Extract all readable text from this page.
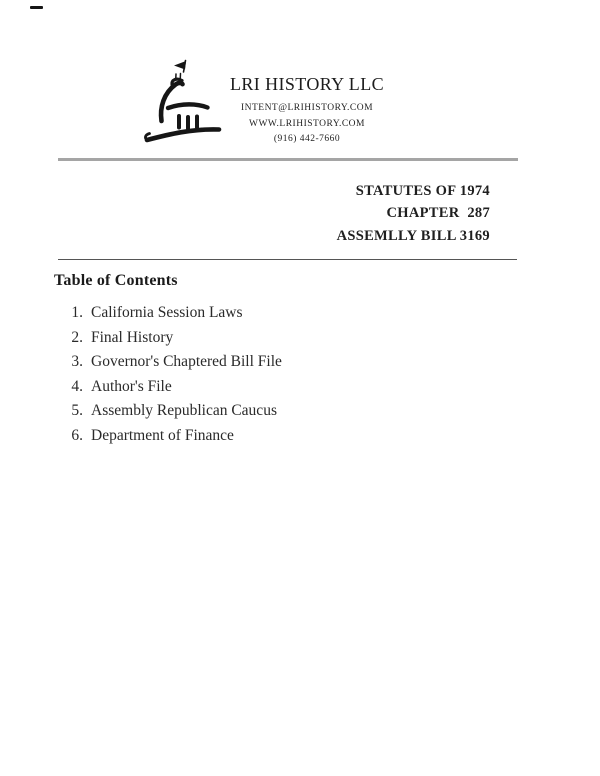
LRI HISTORY LLC
INTENT@LRIHISTORY.COM
WWW.LRIHISTORY.COM
(916) 442-7660
STATUTES OF 1974
CHAPTER  287
ASSEMLLY BILL 3169
Table of Contents
1. California Session Laws
2. Final History
3. Governor's Chaptered Bill File
4. Author's File
5. Assembly Republican Caucus
6. Department of Finance
